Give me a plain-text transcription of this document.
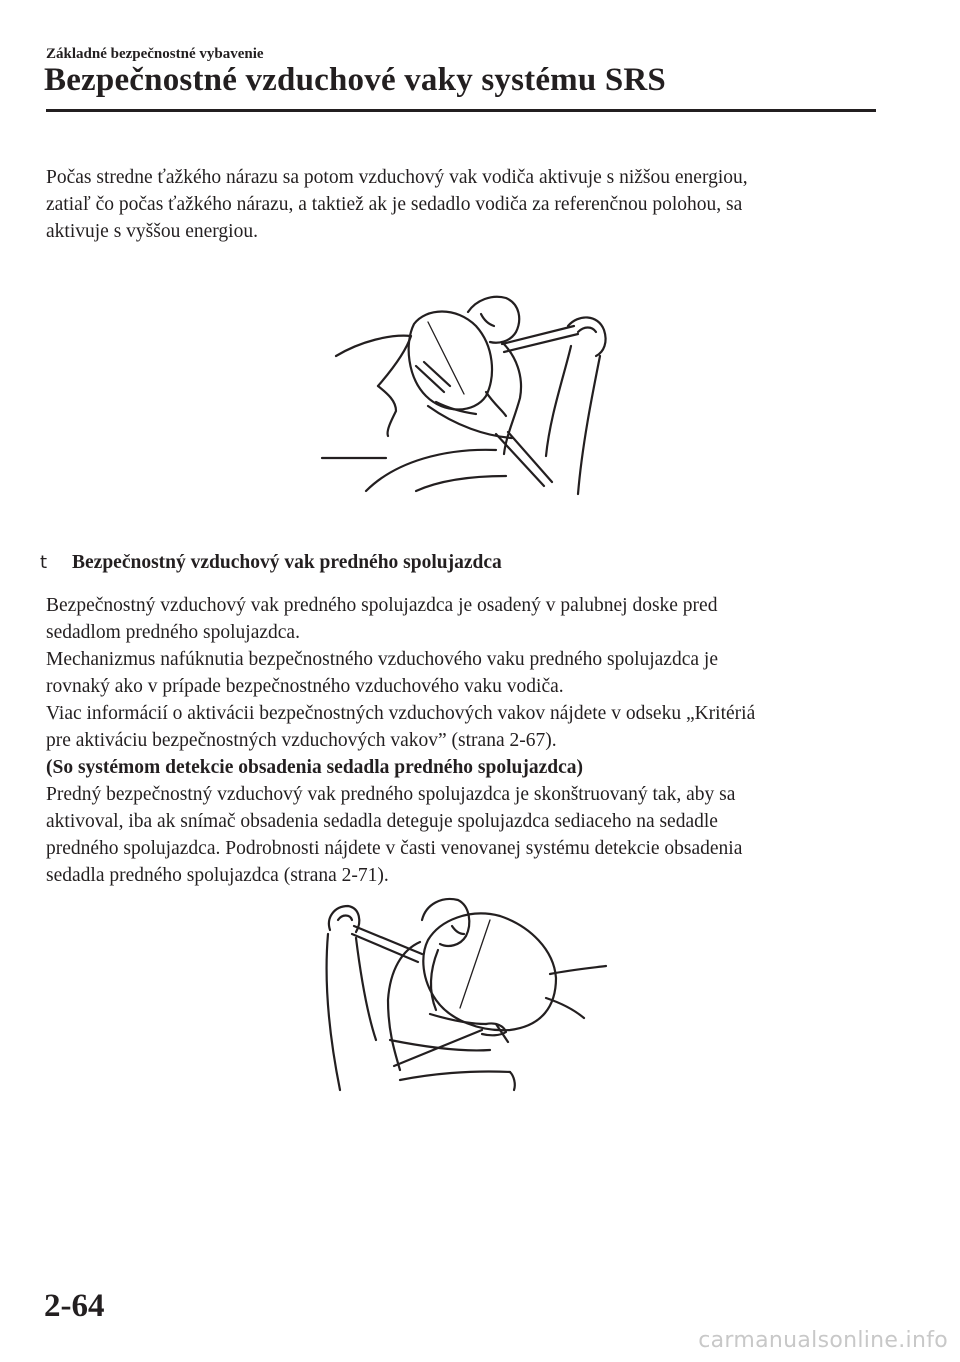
Základné bezpečnostné vybavenie
Bezpečnostné vzduchové vaky systému SRS

Počas stredne ťažkého nárazu sa potom vzduchový vak vodiča aktivuje s nižšou energiou,

zatiaľ čo počas ťažkého nárazu, a taktiež ak je sedadlo vodiča za referenčnou polohou, sa

aktivuje s vyššou energiou.

t Bezpečnostný vzduchový vak predného spolujazdca

Bezpečnostný vzduchový vak predného spolujazdca je osadený v palubnej doske pred

sedadlom predného spolujazdca.

Mechanizmus nafúknutia bezpečnostného vzduchového vaku predného spolujazdca je

rovnaký ako v prípade bezpečnostného vzduchového vaku vodiča.

Viac informácií o aktivácii bezpečnostných vzduchových vakov nájdete v odseku „Kritériá

pre aktiváciu bezpečnostných vzduchových vakov” (strana 2-67).

(So systémom detekcie obsadenia sedadla predného spolujazdca)

Predný bezpečnostný vzduchový vak predného spolujazdca je skonštruovaný tak, aby sa

aktivoval, iba ak snímač obsadenia sedadla deteguje spolujazdca sediaceho na sedadle

predného spolujazdca. Podrobnosti nájdete v časti venovanej systému detekcie obsadenia

sedadla predného spolujazdca (strana 2-71).

2-64
carmanualsonline.info
